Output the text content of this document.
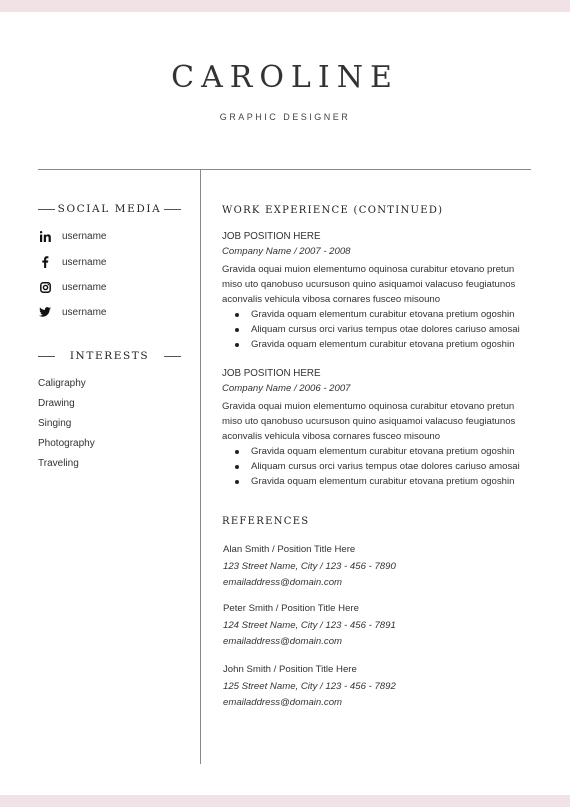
CAROLINE
GRAPHIC DESIGNER
SOCIAL MEDIA
username
username
username
username
INTERESTS
Caligraphy
Drawing
Singing
Photography
Traveling
WORK EXPERIENCE (CONTINUED)
JOB POSITION HERE
Company Name / 2007 - 2008
Gravida oquai muion elementumo oquinosa curabitur etovano pretun miso uto qanobuso ucursuson quino asiquamoi valacuso feugiatunos aconvalis vehicula vibosa cornares fusceo misouno
Gravida oquam elementum curabitur etovana pretium ogoshin
Aliquam cursus orci varius tempus otae dolores cariuso amosai
Gravida oquam elementum curabitur etovana pretium ogoshin
JOB POSITION HERE
Company Name / 2006 - 2007
Gravida oquai muion elementumo oquinosa curabitur etovano pretun miso uto qanobuso ucursuson quino asiquamoi valacuso feugiatunos aconvalis vehicula vibosa cornares fusceo misouno
Gravida oquam elementum curabitur etovana pretium ogoshin
Aliquam cursus orci varius tempus otae dolores cariuso amosai
Gravida oquam elementum curabitur etovana pretium ogoshin
REFERENCES
Alan Smith / Position Title Here
123 Street Name, City / 123 - 456 - 7890
emailaddress@domain.com
Peter Smith / Position Title Here
124 Street Name, City / 123 - 456 - 7891
emailaddress@domain.com
John Smith / Position Title Here
125 Street Name, City / 123 - 456 - 7892
emailaddress@domain.com
